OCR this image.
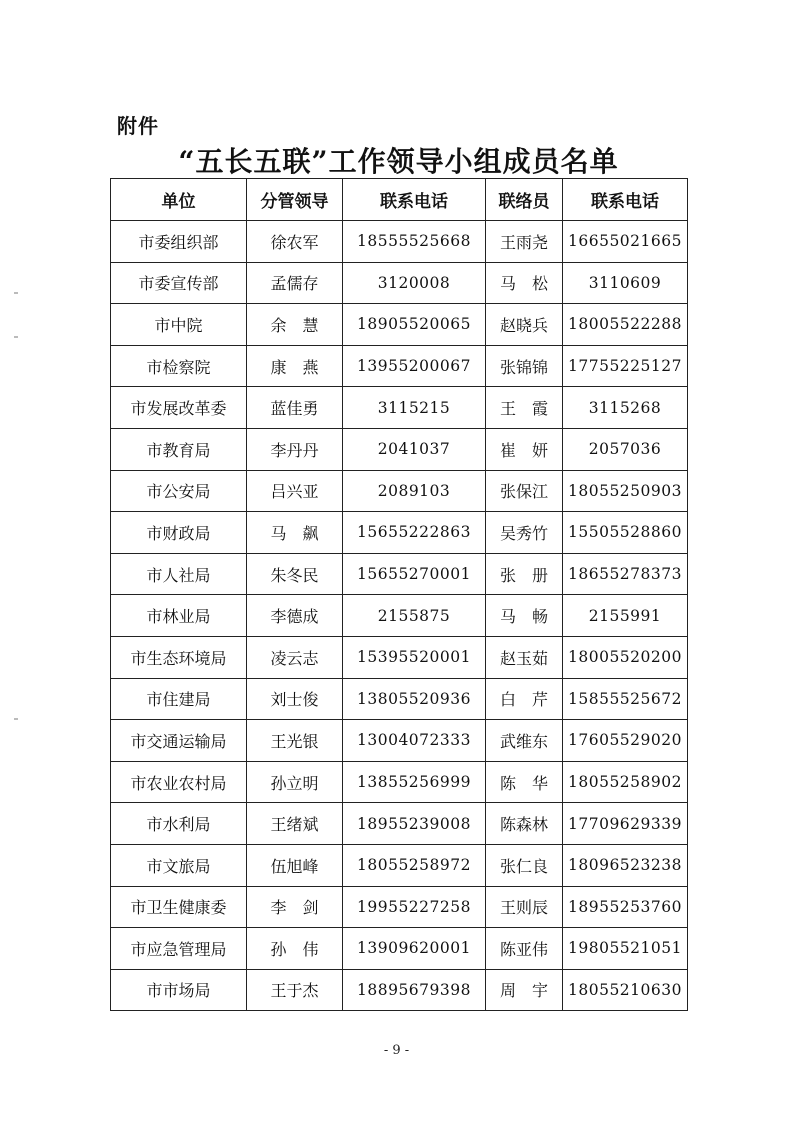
附件
“五长五联”工作领导小组成员名单
单位	分管领导	联系电话	联络员	联系电话
市委组织部	徐农军	18555525668	王雨尧	16655021665
市委宣传部	孟儒存	3120008	马　松	3110609
市中院	余　慧	18905520065	赵晓兵	18005522288
市检察院	康　燕	13955200067	张锦锦	17755225127
市发展改革委	蓝佳勇	3115215	王　霞	3115268
市教育局	李丹丹	2041037	崔　妍	2057036
市公安局	吕兴亚	2089103	张保江	18055250903
市财政局	马　飙	15655222863	吴秀竹	15505528860
市人社局	朱冬民	15655270001	张　册	18655278373
市林业局	李德成	2155875	马　畅	2155991
市生态环境局	凌云志	15395520001	赵玉茹	18005520200
市住建局	刘士俊	13805520936	白　芹	15855525672
市交通运输局	王光银	13004072333	武维东	17605529020
市农业农村局	孙立明	13855256999	陈　华	18055258902
市水利局	王绪斌	18955239008	陈森林	17709629339
市文旅局	伍旭峰	18055258972	张仁良	18096523238
市卫生健康委	李　剑	19955227258	王则辰	18955253760
市应急管理局	孙　伟	13909620001	陈亚伟	19805521051
市市场局	王于杰	18895679398	周　宇	18055210630
- 9 -
